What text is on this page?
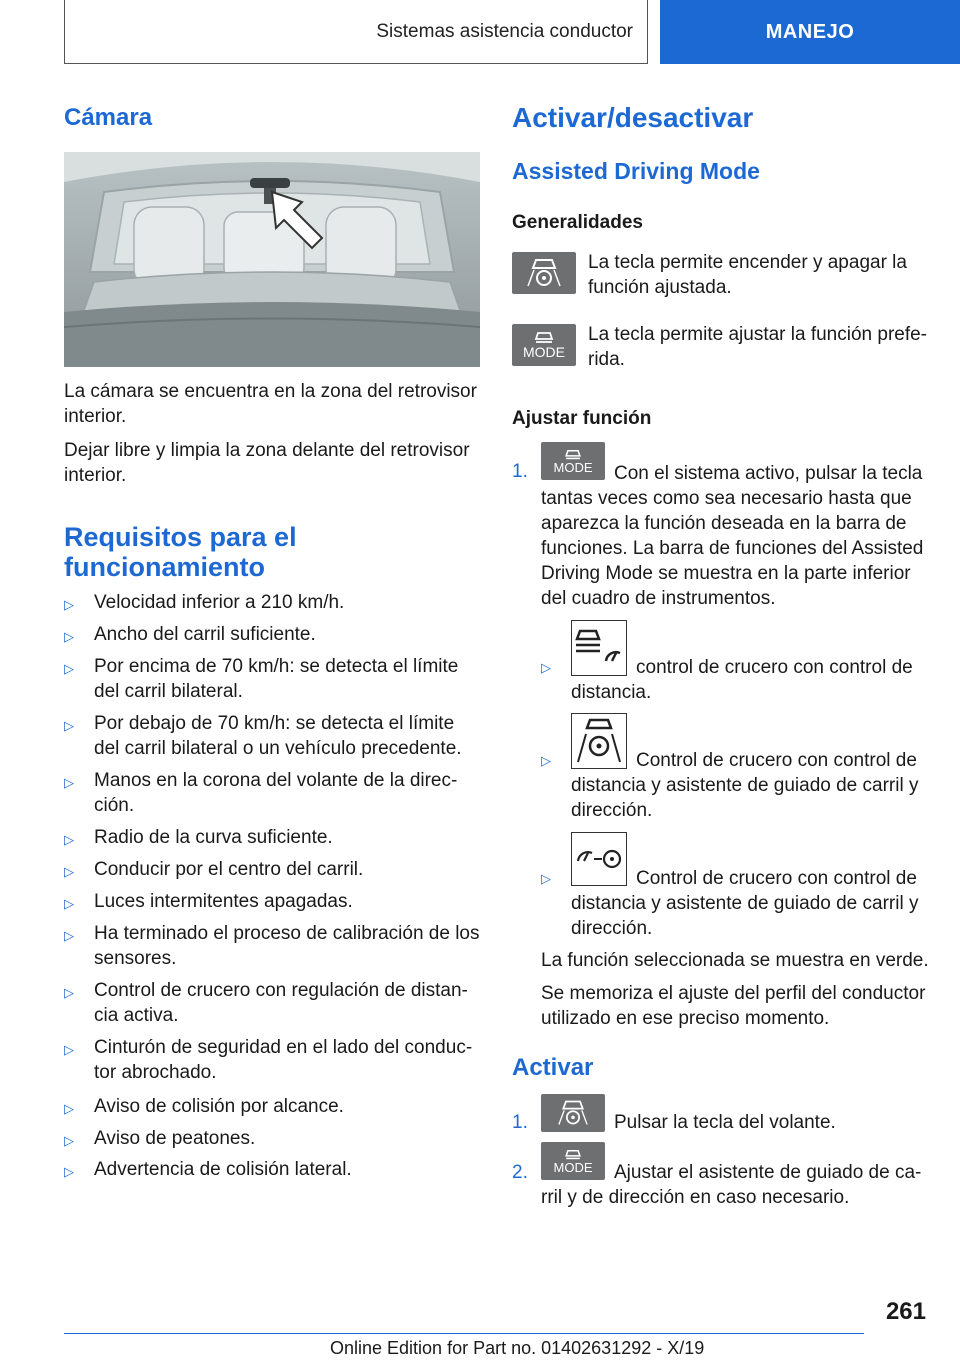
Sistemas asistencia conductor	MANEJO
Cámara

La cámara se encuentra en la zona del retrovisor interior.

Dejar libre y limpia la zona delante del retrovisor interior.

Requisitos para el funcionamiento
▷ Velocidad inferior a 210 km/h.
▷ Ancho del carril suficiente.
▷ Por encima de 70 km/h: se detecta el límite del carril bilateral.
▷ Por debajo de 70 km/h: se detecta el límite del carril bilateral o un vehículo precedente.
▷ Manos en la corona del volante de la direc‐ción.
▷ Radio de la curva suficiente.
▷ Conducir por el centro del carril.
▷ Luces intermitentes apagadas.
▷ Ha terminado el proceso de calibración de los sensores.
▷ Control de crucero con regulación de distan‐cia activa.
▷ Cinturón de seguridad en el lado del conduc‐tor abrochado.
▷ Aviso de colisión por alcance.
▷ Aviso de peatones.
▷ Advertencia de colisión lateral.
Activar/desactivar
Assisted Driving Mode
Generalidades

La tecla permite encender y apagar la función ajustada.

MODE

La tecla permite ajustar la función prefe‐rida.

Ajustar función
1. MODE	Con el sistema activo, pulsar la tecla tantas veces como sea necesario hasta que aparezca la función deseada en la barra de funciones. La barra de funciones del Assisted Driving Mode se muestra en la parte inferior del cuadro de instrumentos.

▷	control de crucero con control de distancia.

▷	Control de crucero con control de distancia y asistente de guiado de carril y dirección.

▷	Control de crucero con control de distancia y asistente de guiado de carril y dirección.

La función seleccionada se muestra en verde.

Se memoriza el ajuste del perfil del conductor utilizado en ese preciso momento.

Activar
1.	Pulsar la tecla del volante.

2. MODE	Ajustar el asistente de guiado de ca‐rril y de dirección en caso necesario.

261
Online Edition for Part no. 01402631292 - X/19
